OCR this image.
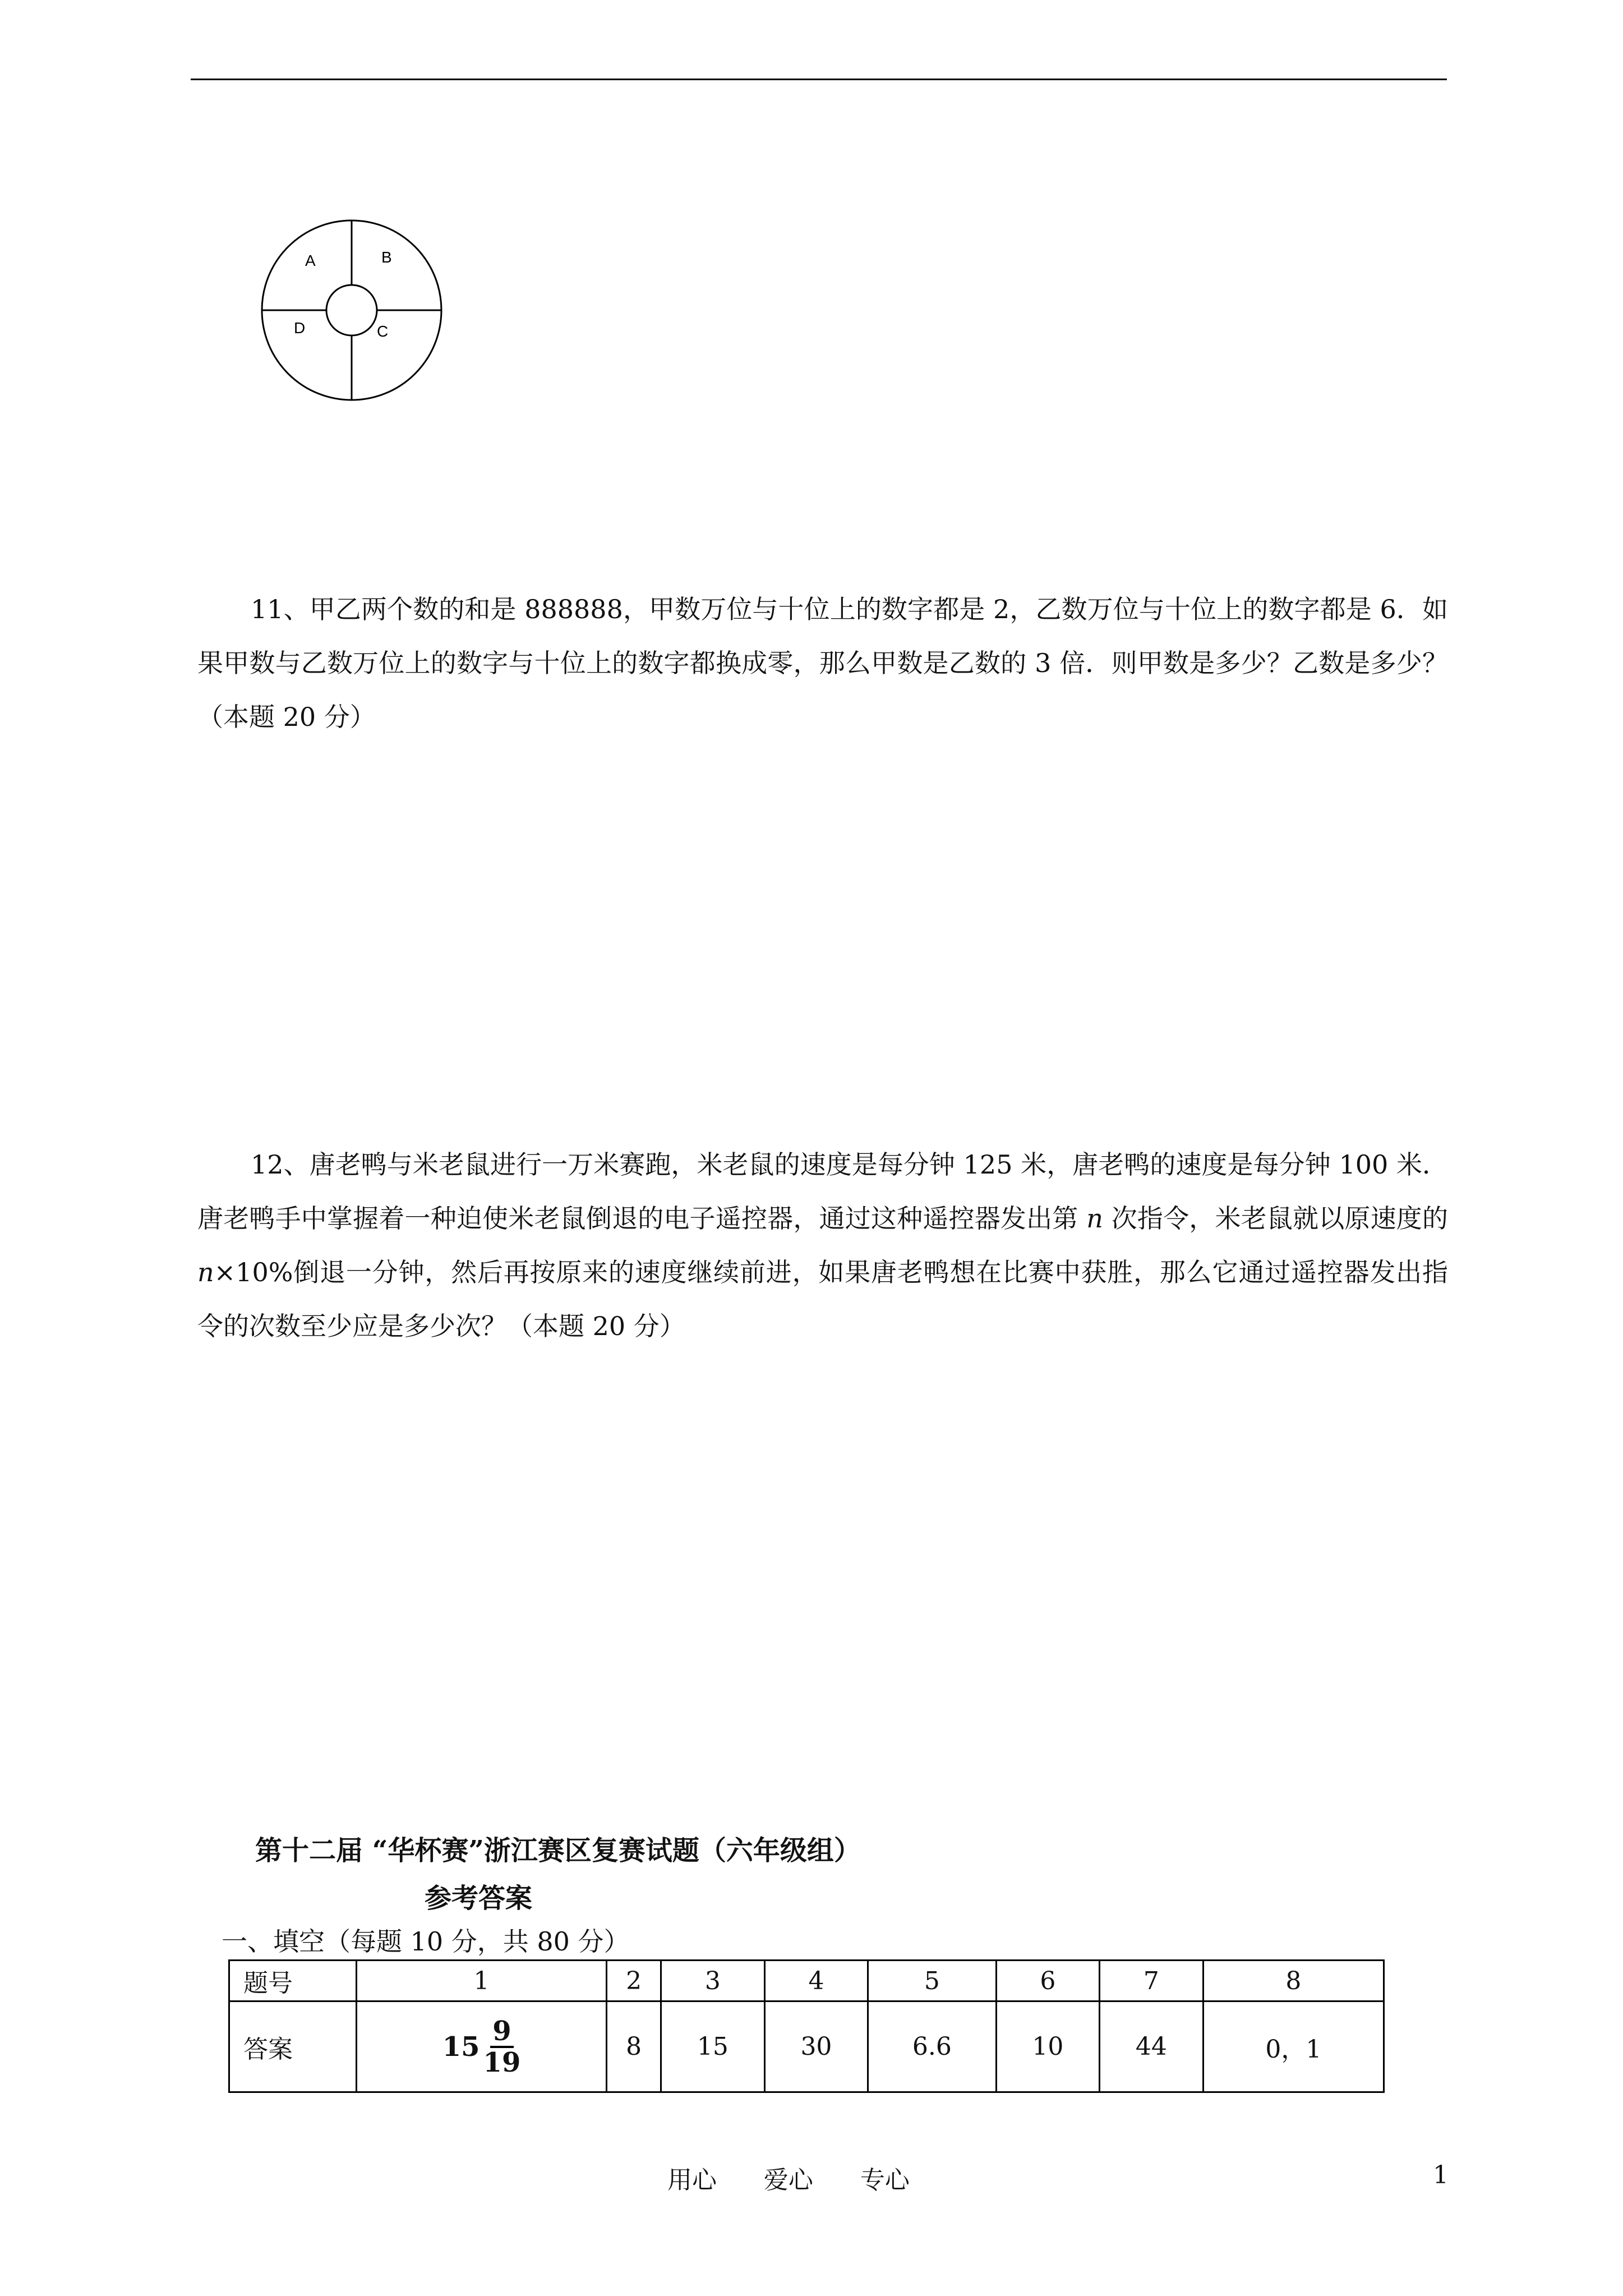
A	B
D	C

11、甲乙两个数的和是 888888，甲数万位与十位上的数字都是 2，乙数万位与十位上的数字都是 6．如果甲数与乙数万位上的数字与十位上的数字都换成零，那么甲数是乙数的 3 倍．则甲数是多少？乙数是多少？（本题 20 分）

12、唐老鸭与米老鼠进行一万米赛跑，米老鼠的速度是每分钟 125 米，唐老鸭的速度是每分钟 100 米．唐老鸭手中掌握着一种迫使米老鼠倒退的电子遥控器，通过这种遥控器发出第 n 次指令，米老鼠就以原速度的 n×10%倒退一分钟，然后再按原来的速度继续前进，如果唐老鸭想在比赛中获胜，那么它通过遥控器发出指令的次数至少应是多少次？（本题 20 分）

第十二届 “华杯赛”浙江赛区复赛试题（六年级组）
参考答案
一、填空（每题 10 分，共 80 分）
题号	1	2	3	4	5	6	7	8
答案	$15 \frac{9}{19}$	8	15	30	6.6	10	44	0，1
用心      爱心      专心	1
